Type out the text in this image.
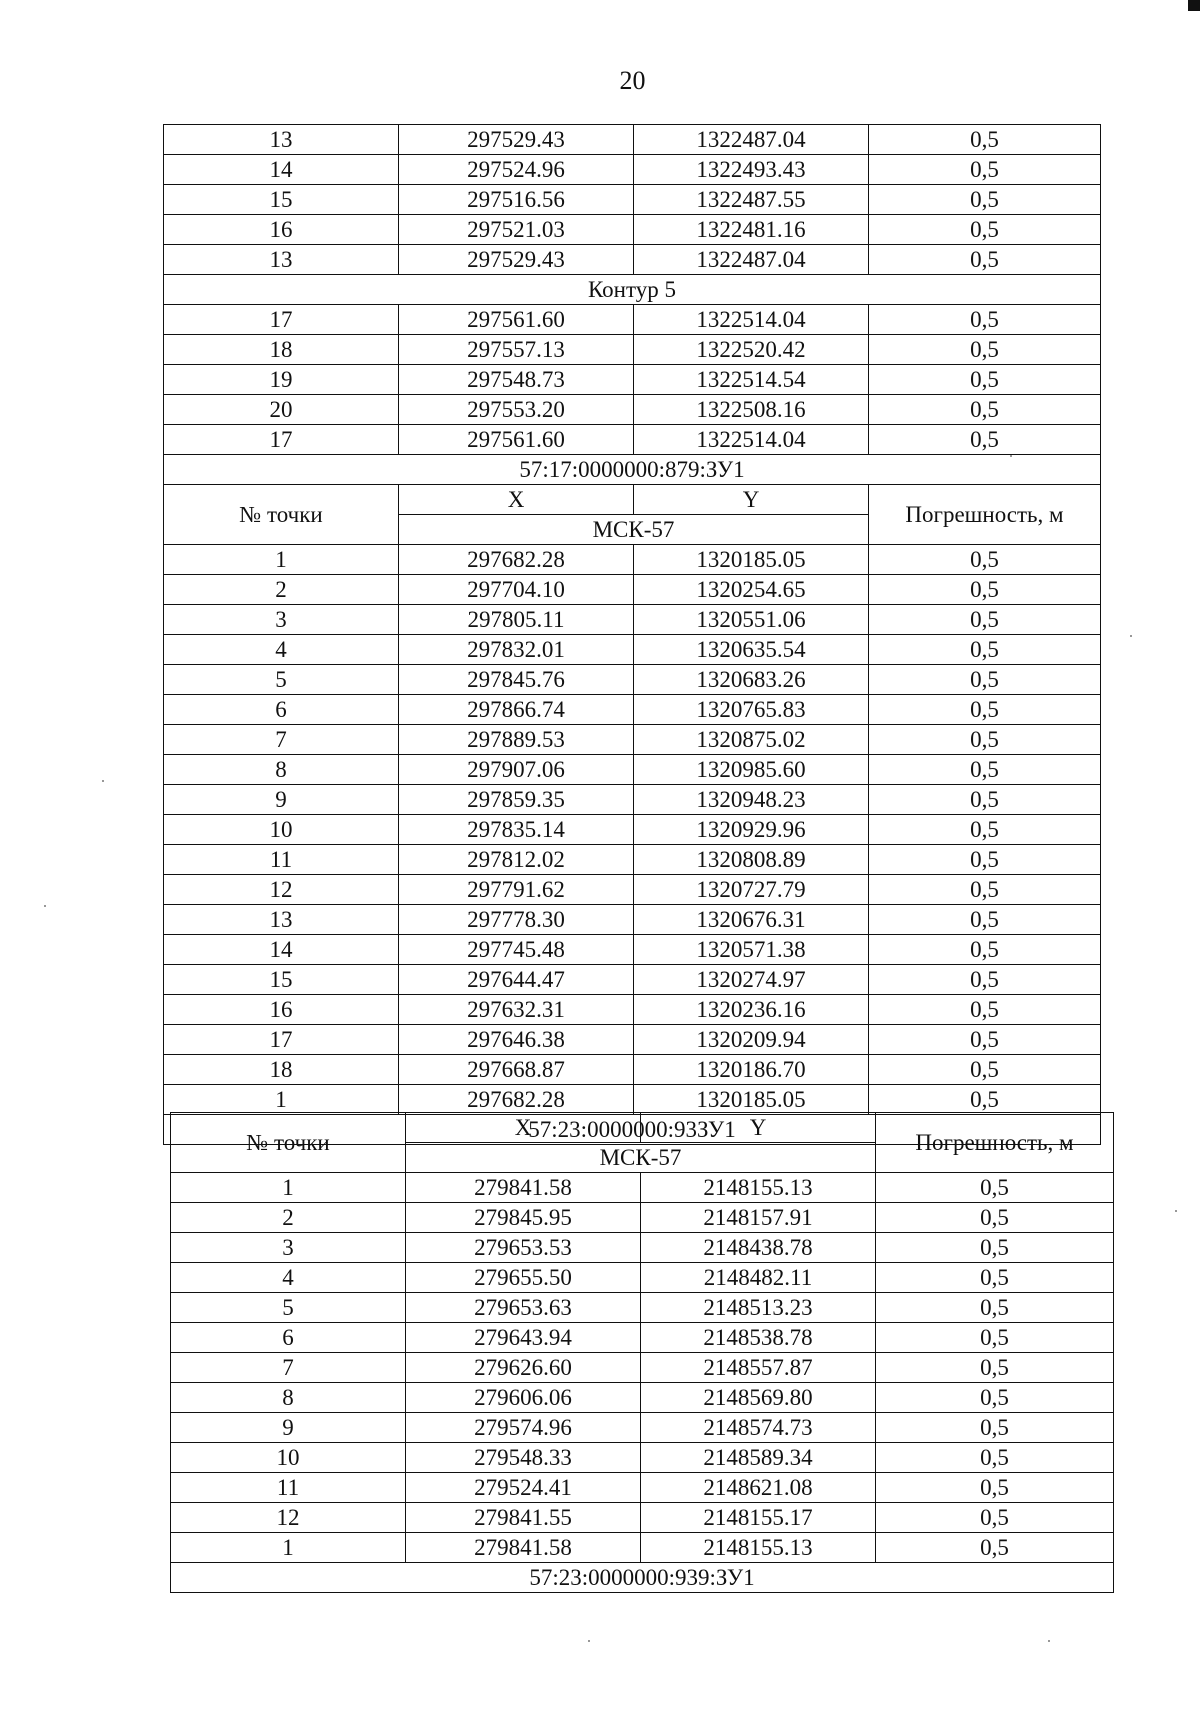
20
13	297529.43	1322487.04	0,5
14	297524.96	1322493.43	0,5
15	297516.56	1322487.55	0,5
16	297521.03	1322481.16	0,5
13	297529.43	1322487.04	0,5
Контур 5			
17	297561.60	1322514.04	0,5
18	297557.13	1322520.42	0,5
19	297548.73	1322514.54	0,5
20	297553.20	1322508.16	0,5
17	297561.60	1322514.04	0,5
57:17:0000000:879:ЗУ1			
№ точки	X	Y	Погрешность, м
	МСК-57		
1	297682.28	1320185.05	0,5
2	297704.10	1320254.65	0,5
3	297805.11	1320551.06	0,5
4	297832.01	1320635.54	0,5
5	297845.76	1320683.26	0,5
6	297866.74	1320765.83	0,5
7	297889.53	1320875.02	0,5
8	297907.06	1320985.60	0,5
9	297859.35	1320948.23	0,5
10	297835.14	1320929.96	0,5
11	297812.02	1320808.89	0,5
12	297791.62	1320727.79	0,5
13	297778.30	1320676.31	0,5
14	297745.48	1320571.38	0,5
15	297644.47	1320274.97	0,5
16	297632.31	1320236.16	0,5
17	297646.38	1320209.94	0,5
18	297668.87	1320186.70	0,5
1	297682.28	1320185.05	0,5
57:23:0000000:93ЗУ1			
№ точки	X	Y	Погрешность, м
	МСК-57		
1	279841.58	2148155.13	0,5
2	279845.95	2148157.91	0,5
3	279653.53	2148438.78	0,5
4	279655.50	2148482.11	0,5
5	279653.63	2148513.23	0,5
6	279643.94	2148538.78	0,5
7	279626.60	2148557.87	0,5
8	279606.06	2148569.80	0,5
9	279574.96	2148574.73	0,5
10	279548.33	2148589.34	0,5
11	279524.41	2148621.08	0,5
12	279841.55	2148155.17	0,5
1	279841.58	2148155.13	0,5
57:23:0000000:939:ЗУ1			
